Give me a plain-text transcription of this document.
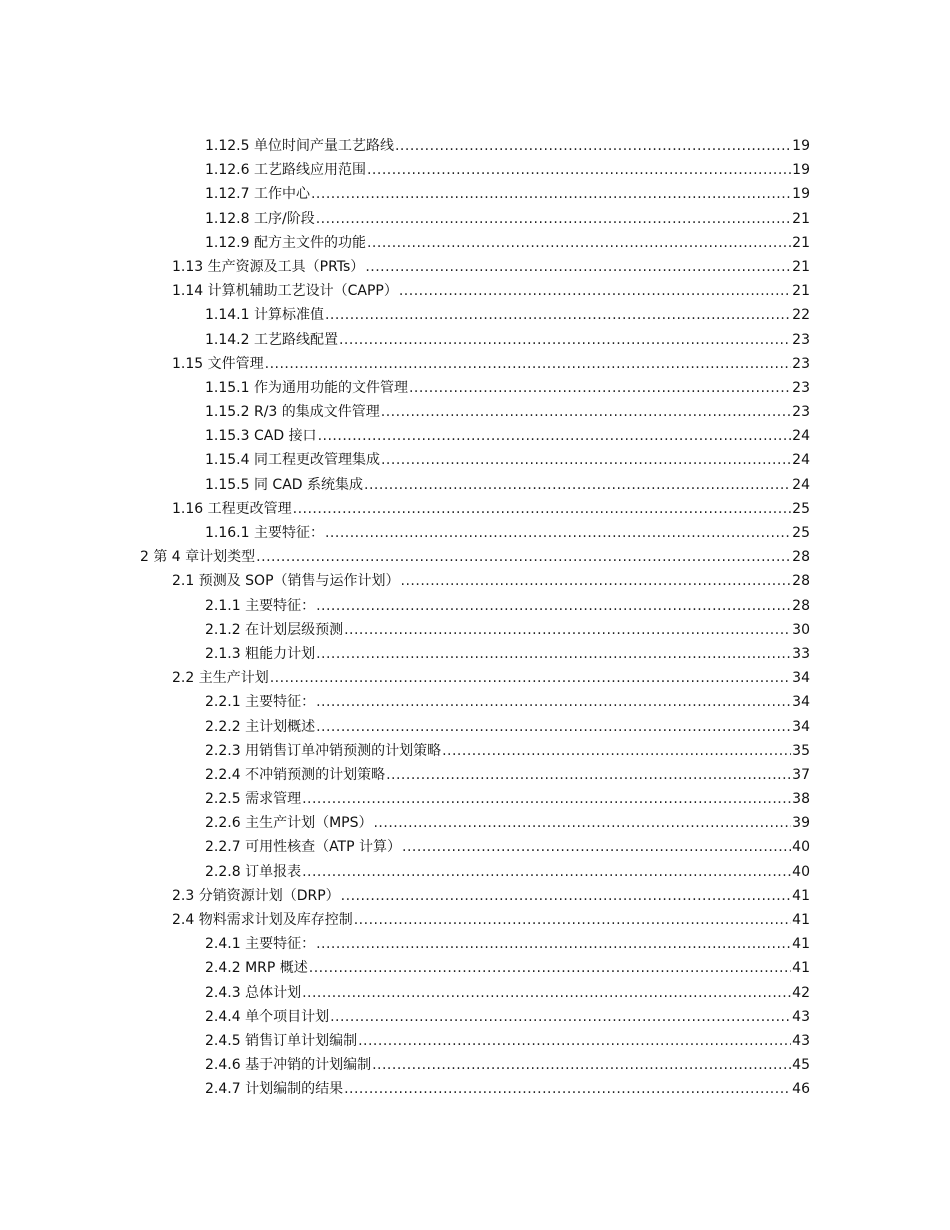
1.12.5 单位时间产量工艺路线 .....	19
1.12.6 工艺路线应用范围 .....	19
1.12.7 工作中心 .....	19
1.12.8 工序/阶段 .....	21
1.12.9 配方主文件的功能 .....	21
1.13 生产资源及工具（PRTs） .....	21
1.14 计算机辅助工艺设计（CAPP） .....	21
1.14.1 计算标准值 .....	22
1.14.2 工艺路线配置 .....	23
1.15 文件管理 .....	23
1.15.1 作为通用功能的文件管理 .....	23
1.15.2 R/3 的集成文件管理 .....	23
1.15.3 CAD 接口 .....	24
1.15.4 同工程更改管理集成 .....	24
1.15.5 同 CAD 系统集成 .....	24
1.16 工程更改管理 .....	25
1.16.1 主要特征： .....	25
2 第 4 章计划类型 .....	28
2.1 预测及 SOP（销售与运作计划） .....	28
2.1.1 主要特征： .....	28
2.1.2 在计划层级预测 .....	30
2.1.3 粗能力计划 .....	33
2.2 主生产计划 .....	34
2.2.1 主要特征： .....	34
2.2.2 主计划概述 .....	34
2.2.3 用销售订单冲销预测的计划策略 .....	35
2.2.4 不冲销预测的计划策略 .....	37
2.2.5 需求管理 .....	38
2.2.6 主生产计划（MPS） .....	39
2.2.7 可用性核查（ATP 计算） .....	40
2.2.8 订单报表 .....	40
2.3 分销资源计划（DRP） .....	41
2.4 物料需求计划及库存控制 .....	41
2.4.1 主要特征： .....	41
2.4.2 MRP 概述 .....	41
2.4.3 总体计划 .....	42
2.4.4 单个项目计划 .....	43
2.4.5 销售订单计划编制 .....	43
2.4.6 基于冲销的计划编制 .....	45
2.4.7 计划编制的结果 .....	46
